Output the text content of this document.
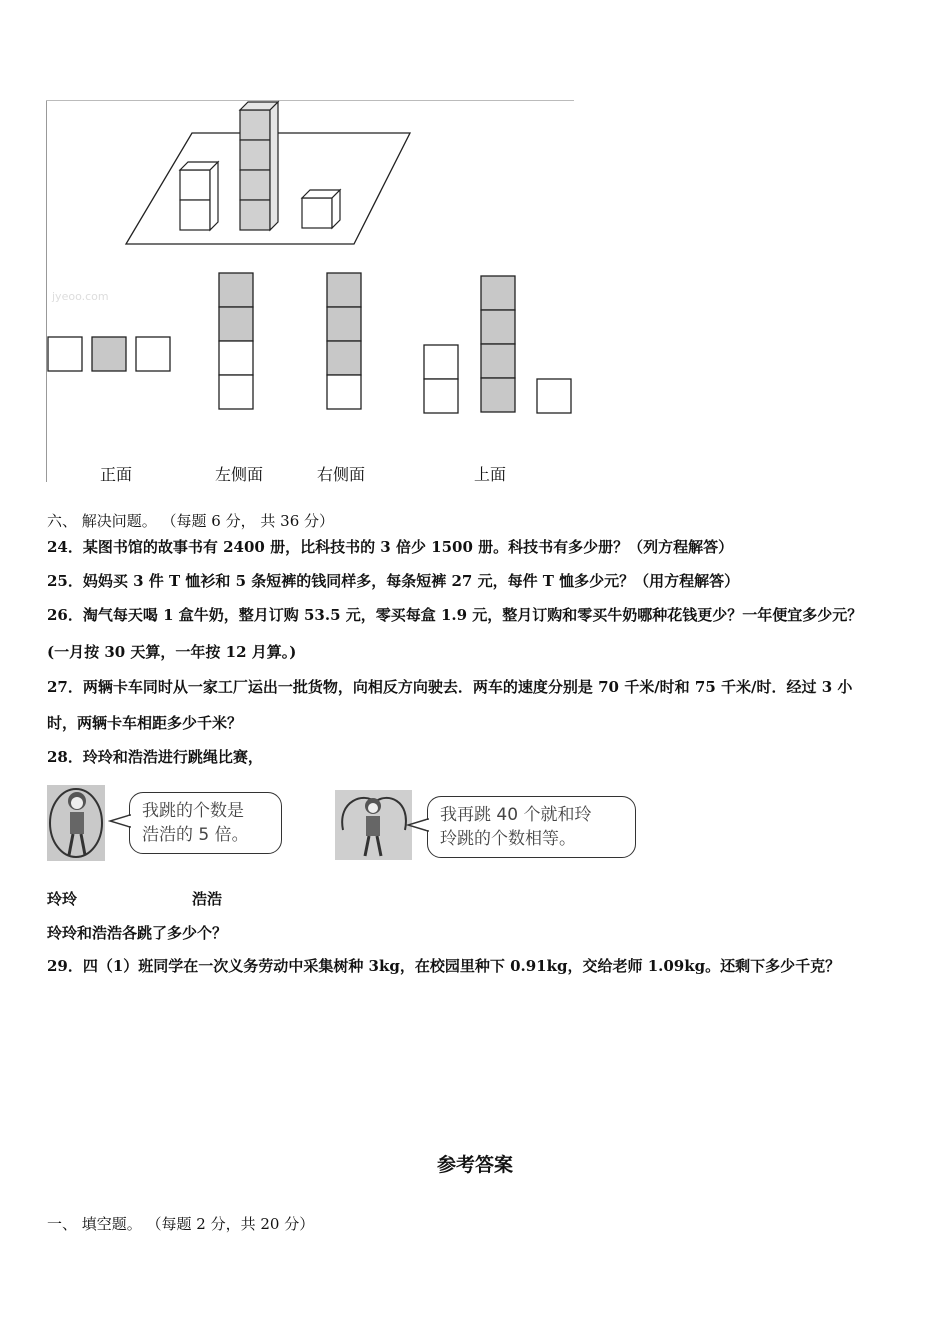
jyeoo.com
正面	左侧面	右侧面	上面
六、 解决问题。 （每题 6 分， 共 36 分）
24．某图书馆的故事书有 2400 册，比科技书的 3 倍少 1500 册。科技书有多少册？（列方程解答）
25．妈妈买 3 件 T 恤衫和 5 条短裤的钱同样多，每条短裤 27 元，每件 T 恤多少元？（用方程解答）
26．淘气每天喝 1 盒牛奶，整月订购 53.5 元，零买每盒 1.9 元，整月订购和零买牛奶哪种花钱更少？一年便宜多少元？
(一月按 30 天算，一年按 12 月算。)
27．两辆卡车同时从一家工厂运出一批货物，向相反方向驶去．两车的速度分别是 70 千米/时和 75 千米/时．经过 3 小
时，两辆卡车相距多少千米？
28．玲玲和浩浩进行跳绳比赛，
我跳的个数是
浩浩的 5 倍。
我再跳 40 个就和玲
玲跳的个数相等。
玲玲	浩浩
玲玲和浩浩各跳了多少个？
29．四（1）班同学在一次义务劳动中采集树种 3kg，在校园里种下 0.91kg，交给老师 1.09kg。还剩下多少千克？
参考答案
一、 填空题。 （每题 2 分，共 20 分）
